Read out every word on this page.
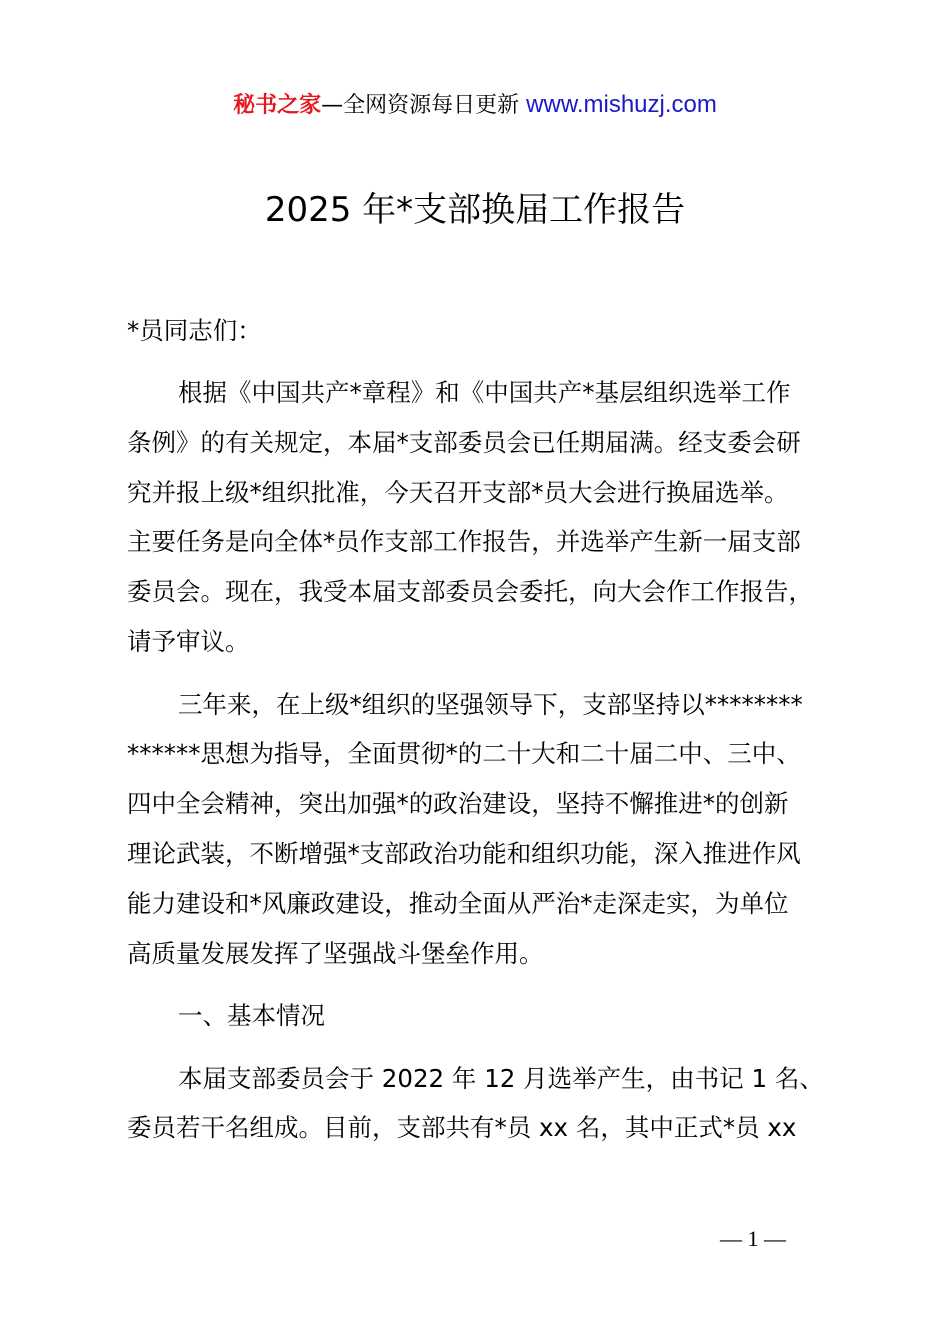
秘书之家—全网资源每日更新 www.mishuzj.com
2025 年*支部换届工作报告
*员同志们：
根据《中国共产*章程》和《中国共产*基层组织选举工作
条例》的有关规定，本届*支部委员会已任期届满。经支委会研
究并报上级*组织批准，今天召开支部*员大会进行换届选举。
主要任务是向全体*员作支部工作报告，并选举产生新一届支部
委员会。现在，我受本届支部委员会委托，向大会作工作报告，
请予审议。
三年来，在上级*组织的坚强领导下，支部坚持以********
******思想为指导，全面贯彻*的二十大和二十届二中、三中、
四中全会精神，突出加强*的政治建设，坚持不懈推进*的创新
理论武装，不断增强*支部政治功能和组织功能，深入推进作风
能力建设和*风廉政建设，推动全面从严治*走深走实，为单位
高质量发展发挥了坚强战斗堡垒作用。
一、基本情况
本届支部委员会于 2022 年 12 月选举产生，由书记 1 名、
委员若干名组成。目前，支部共有*员 xx 名，其中正式*员 xx
— 1 —
